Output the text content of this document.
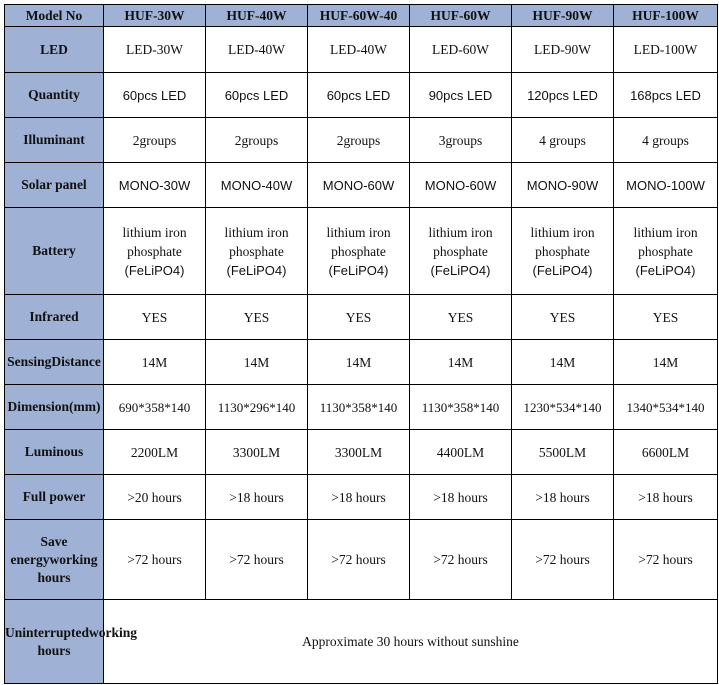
Model No	HUF-30W	HUF-40W	HUF-60W-40	HUF-60W	HUF-90W	HUF-100W
LED	LED-30W	LED-40W	LED-40W	LED-60W	LED-90W	LED-100W
Quantity	60pcs LED	60pcs LED	60pcs LED	90pcs LED	120pcs LED	168pcs LED
Illuminant	2groups	2groups	2groups	3groups	4 groups	4 groups
Solar panel	MONO-30W	MONO-40W	MONO-60W	MONO-60W	MONO-90W	MONO-100W
Battery	lithium iron
phosphate
(FeLiPO4)	lithium iron
phosphate
(FeLiPO4)	lithium iron
phosphate
(FeLiPO4)	lithium iron
phosphate
(FeLiPO4)	lithium iron
phosphate
(FeLiPO4)	lithium iron
phosphate
(FeLiPO4)

Infrared	YES	YES	YES	YES	YES	YES
SensingDistance	14M	14M	14M	14M	14M	14M
Dimension(mm)	690*358*140	1130*296*140	1130*358*140	1130*358*140	1230*534*140	1340*534*140
Luminous	2200LM	3300LM	3300LM	4400LM	5500LM	6600LM
Full power	>20 hours	>18 hours	>18 hours	>18 hours	>18 hours	>18 hours
Save energyworking hours	>72 hours	>72 hours	>72 hours	>72 hours	>72 hours	>72 hours
Uninterruptedworking hours	Approximate 30 hours without sunshine					
